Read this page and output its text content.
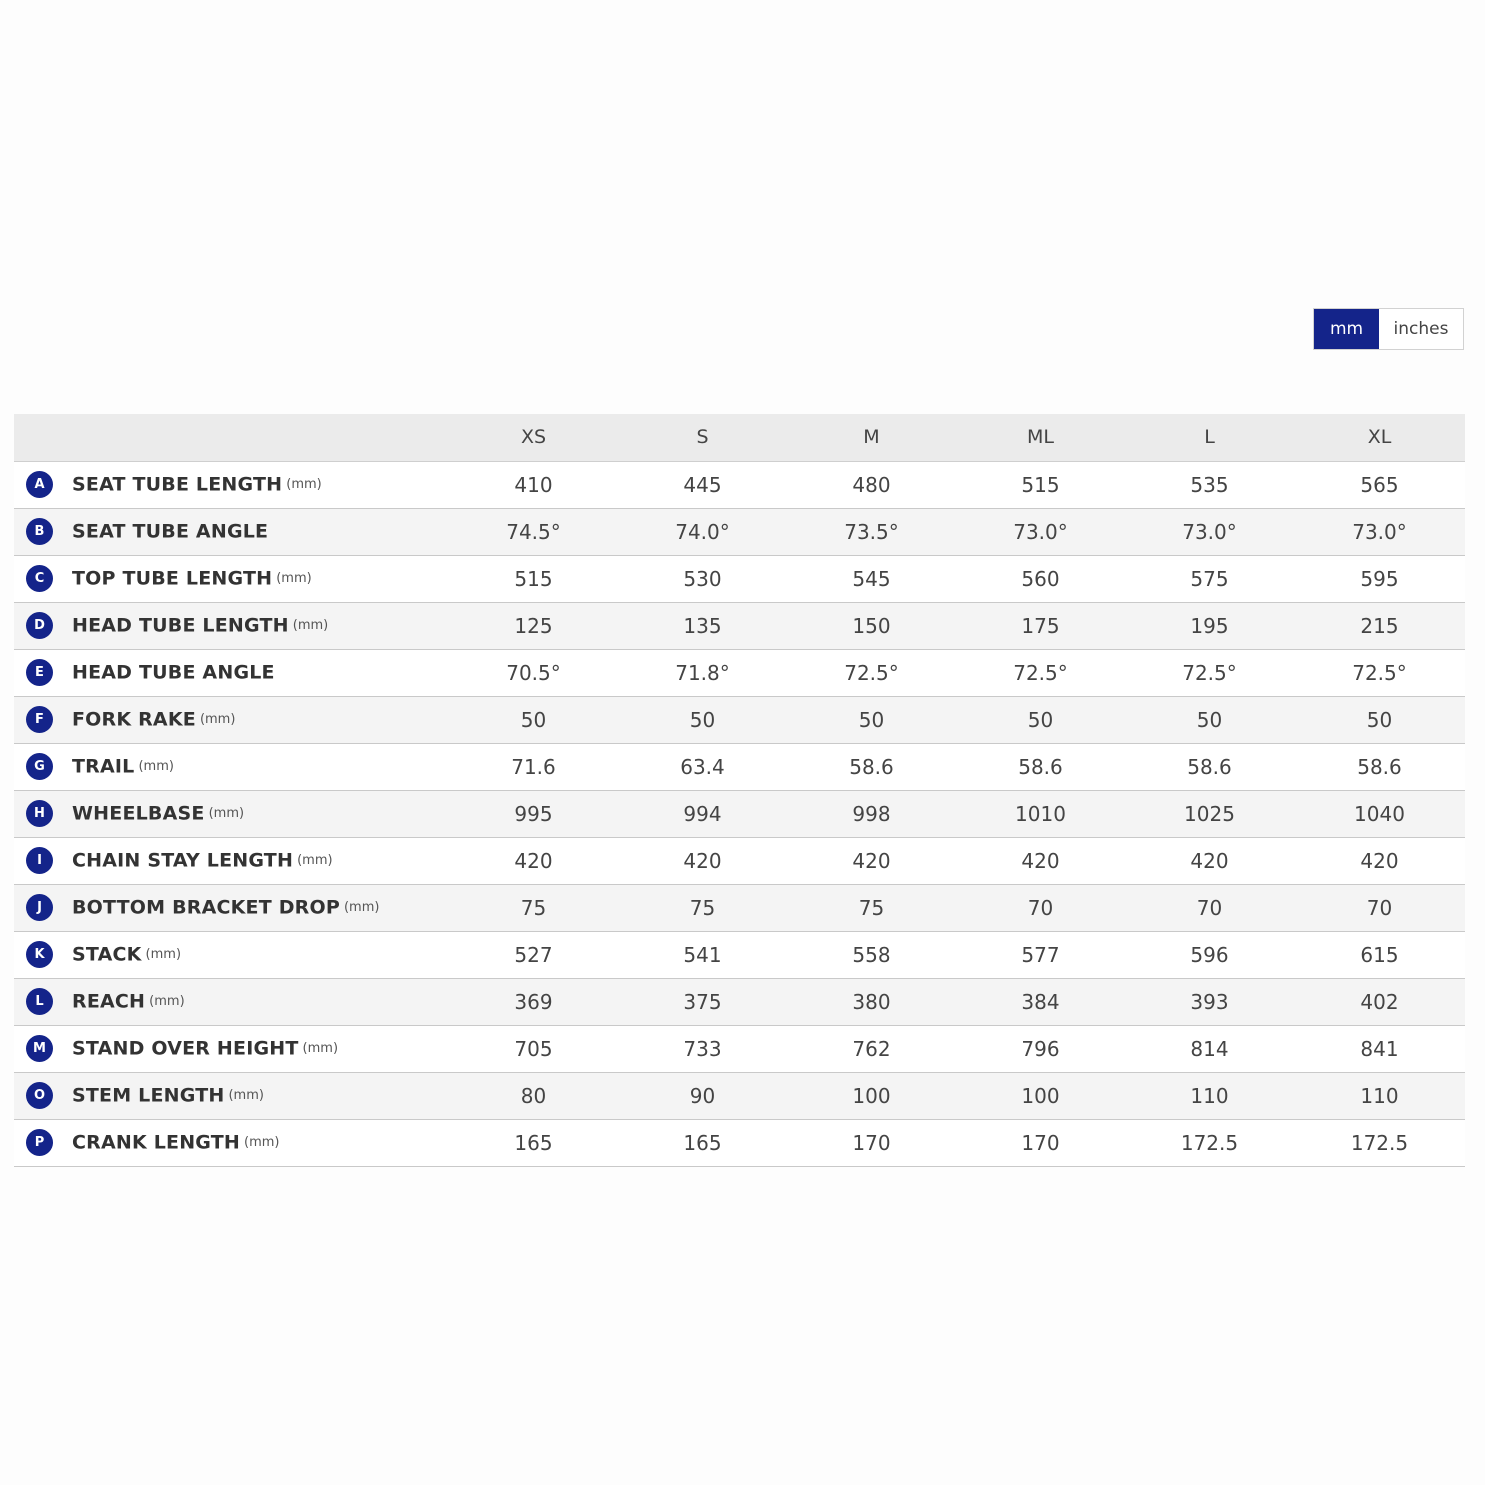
mm	inches
	XS	S	M	ML	L	XL
A SEAT TUBE LENGTH (mm)	410	445	480	515	535	565
B SEAT TUBE ANGLE	74.5°	74.0°	73.5°	73.0°	73.0°	73.0°
C TOP TUBE LENGTH (mm)	515	530	545	560	575	595
D HEAD TUBE LENGTH (mm)	125	135	150	175	195	215
E HEAD TUBE ANGLE	70.5°	71.8°	72.5°	72.5°	72.5°	72.5°
F FORK RAKE (mm)	50	50	50	50	50	50
G TRAIL (mm)	71.6	63.4	58.6	58.6	58.6	58.6
H WHEELBASE (mm)	995	994	998	1010	1025	1040
I CHAIN STAY LENGTH (mm)	420	420	420	420	420	420
J BOTTOM BRACKET DROP (mm)	75	75	75	70	70	70
K STACK (mm)	527	541	558	577	596	615
L REACH (mm)	369	375	380	384	393	402
M STAND OVER HEIGHT (mm)	705	733	762	796	814	841
O STEM LENGTH (mm)	80	90	100	100	110	110
P CRANK LENGTH (mm)	165	165	170	170	172.5	172.5
